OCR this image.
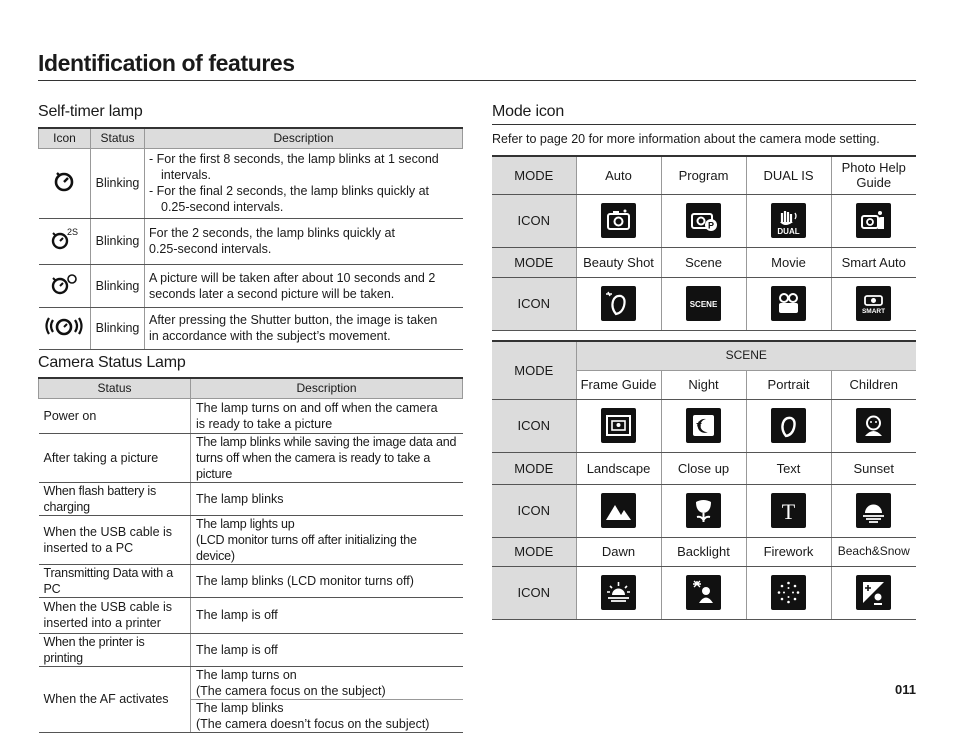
Identification of features
Self-timer lamp
Icon	Status	Description
	Blinking	- For the first 8 seconds, the lamp blinks at 1 second
intervals.
- For the final 2 seconds, the lamp blinks quickly at
0.25-second intervals.

2S	Blinking	For the 2 seconds, the lamp blinks quickly at
0.25-second intervals.

	Blinking	A picture will be taken after about 10 seconds and 2
seconds later a second picture will be taken.

	Blinking	After pressing the Shutter button, the image is taken
in accordance with the subject’s movement.
Camera Status Lamp
Status	Description
Power on	The lamp turns on and off when the camera
is ready to take a picture

After taking a picture	The lamp blinks while saving the image data and
turns off when the camera is ready to take a picture

When flash battery is charging	The lamp blinks

When the USB cable is inserted to a PC	The lamp lights up
(LCD monitor turns off after initializing the device)

Transmitting Data with a PC	The lamp blinks (LCD monitor turns off)

When the USB cable is inserted into a printer	The lamp is off

When the printer is printing	The lamp is off

When the AF activates	The lamp turns on
(The camera focus on the subject)

	The lamp blinks
(The camera doesn’t focus on the subject)
Mode icon
Refer to page 20 for more information about the camera mode setting.
MODE	Auto	Program	DUAL IS	Photo Help Guide
ICON		P	DUAL

MODE	Beauty Shot	Scene	Movie	Smart Auto
ICON		SCENE		SMART
MODE	SCENE			
	Frame Guide	Night	Portrait	Children
ICON	

MODE	Landscape	Close up	Text	Sunset
ICON			T

MODE	Dawn	Backlight	Firework	Beach&Snow
ICON	

011
